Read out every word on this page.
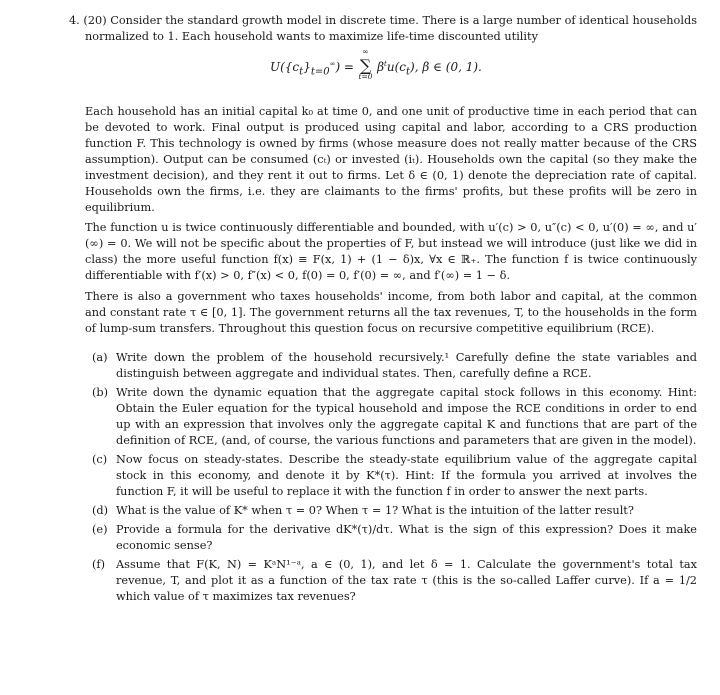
4. (20) Consider the standard growth model in discrete time. There is a large number of identical households normalized to 1. Each household wants to maximize life-time discounted utility

$U(\{c_t\}_{t=0}^\infty)$ = ∑
∞
t=0
$\beta^tu(c_t)$, β ∈ (0, 1).

Each household has an initial capital k₀ at time 0, and one unit of productive time in each period that can be devoted to work. Final output is produced using capital and labor, according to a CRS production function F. This technology is owned by firms (whose measure does not really matter because of the CRS assumption). Output can be consumed (cₜ) or invested (iₜ). Households own the capital (so they make the investment decision), and they rent it out to firms. Let δ ∈ (0, 1) denote the depreciation rate of capital. Households own the firms, i.e. they are claimants to the firms' profits, but these profits will be zero in equilibrium.

The function u is twice continuously differentiable and bounded, with u′(c) > 0, u″(c) < 0, u′(0) = ∞, and u′(∞) = 0. We will not be specific about the properties of F, but instead we will introduce (just like we did in class) the more useful function f(x) ≡ F(x, 1) + (1 − δ)x, ∀x ∈ ℝ₊. The function f is twice continuously differentiable with f′(x) > 0, f″(x) < 0, f(0) = 0, f′(0) = ∞, and f′(∞) = 1 − δ.

There is also a government who taxes households' income, from both labor and capital, at the common and constant rate τ ∈ [0, 1]. The government returns all the tax revenues, T, to the households in the form of lump-sum transfers. Throughout this question focus on recursive competitive equilibrium (RCE).

(a) Write down the problem of the household recursively.¹ Carefully define the state variables and distinguish between aggregate and individual states. Then, carefully define a RCE.
(b) Write down the dynamic equation that the aggregate capital stock follows in this economy. Hint: Obtain the Euler equation for the typical household and impose the RCE conditions in order to end up with an expression that involves only the aggregate capital K and functions that are part of the definition of RCE, (and, of course, the various functions and parameters that are given in the model).
(c) Now focus on steady-states. Describe the steady-state equilibrium value of the aggregate capital stock in this economy, and denote it by K*(τ). Hint: If the formula you arrived at involves the function F, it will be useful to replace it with the function f in order to answer the next parts.
(d) What is the value of K* when τ = 0? When τ = 1? What is the intuition of the latter result?
(e) Provide a formula for the derivative dK*(τ)/dτ. What is the sign of this expression? Does it make economic sense?
(f) Assume that F(K, N) = KᵃN¹⁻ᵃ, a ∈ (0, 1), and let δ = 1. Calculate the government's total tax revenue, T, and plot it as a function of the tax rate τ (this is the so-called Laffer curve). If a = 1/2 which value of τ maximizes tax revenues?
